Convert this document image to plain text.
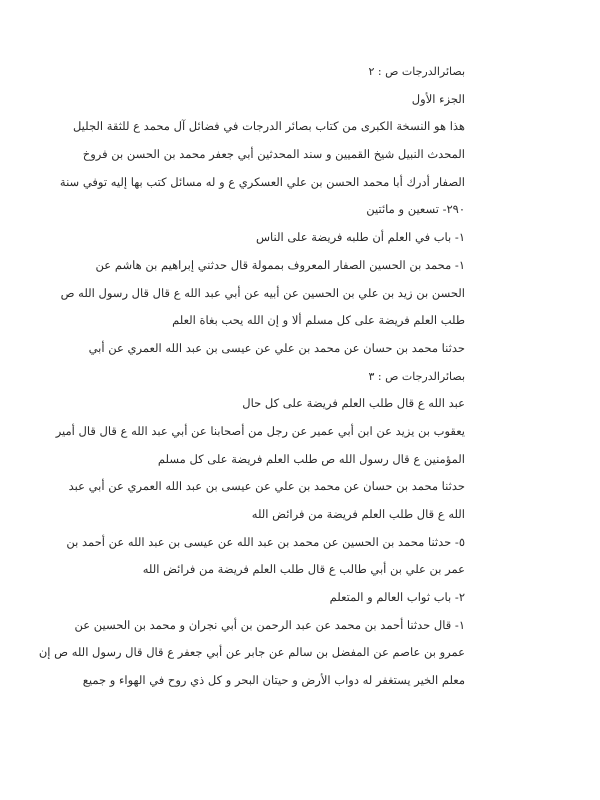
بصائرالدرجات ص : ٢
الجزء الأول
هذا هو النسخة الكبرى من كتاب بصائر الدرجات في فضائل آل محمد ع للثقة الجليل
المحدث النبيل شيخ القميين و سند المحدثين أبي جعفر محمد بن الحسن بن فروخ
الصفار أدرك أبا محمد الحسن بن علي العسكري ع و له مسائل كتب بها إليه توفي سنة
٢٩٠- تسعين و مائتين
١- باب في العلم أن طلبه فريضة على الناس
١- محمد بن الحسين الصفار المعروف بممولة قال حدثني إبراهيم بن هاشم عن
الحسن بن زيد بن علي بن الحسين عن أبيه عن أبي عبد الله ع قال قال رسول الله ص
طلب العلم فريضة على كل مسلم ألا و إن الله يحب بغاة العلم
حدثنا محمد بن حسان عن محمد بن علي عن عيسى بن عبد الله العمري عن أبي
بصائرالدرجات ص : ٣
عبد الله ع قال طلب العلم فريضة على كل حال
يعقوب بن يزيد عن ابن أبي عمير عن رجل من أصحابنا عن أبي عبد الله ع قال قال أمير
المؤمنين ع قال رسول الله ص طلب العلم فريضة على كل مسلم
حدثنا محمد بن حسان عن محمد بن علي عن عيسى بن عبد الله العمري عن أبي عبد
الله ع قال طلب العلم فريضة من فرائض الله
٥- حدثنا محمد بن الحسين عن محمد بن عبد الله عن عيسى بن عبد الله عن أحمد بن
عمر بن علي بن أبي طالب ع قال طلب العلم فريضة من فرائض الله
٢- باب ثواب العالم و المتعلم
١- قال حدثنا أحمد بن محمد عن عبد الرحمن بن أبي نجران و محمد بن الحسين عن
عمرو بن عاصم عن المفضل بن سالم عن جابر عن أبي جعفر ع قال قال رسول الله ص إن
معلم الخير يستغفر له دواب الأرض و حيتان البحر و كل ذي روح في الهواء و جميع
